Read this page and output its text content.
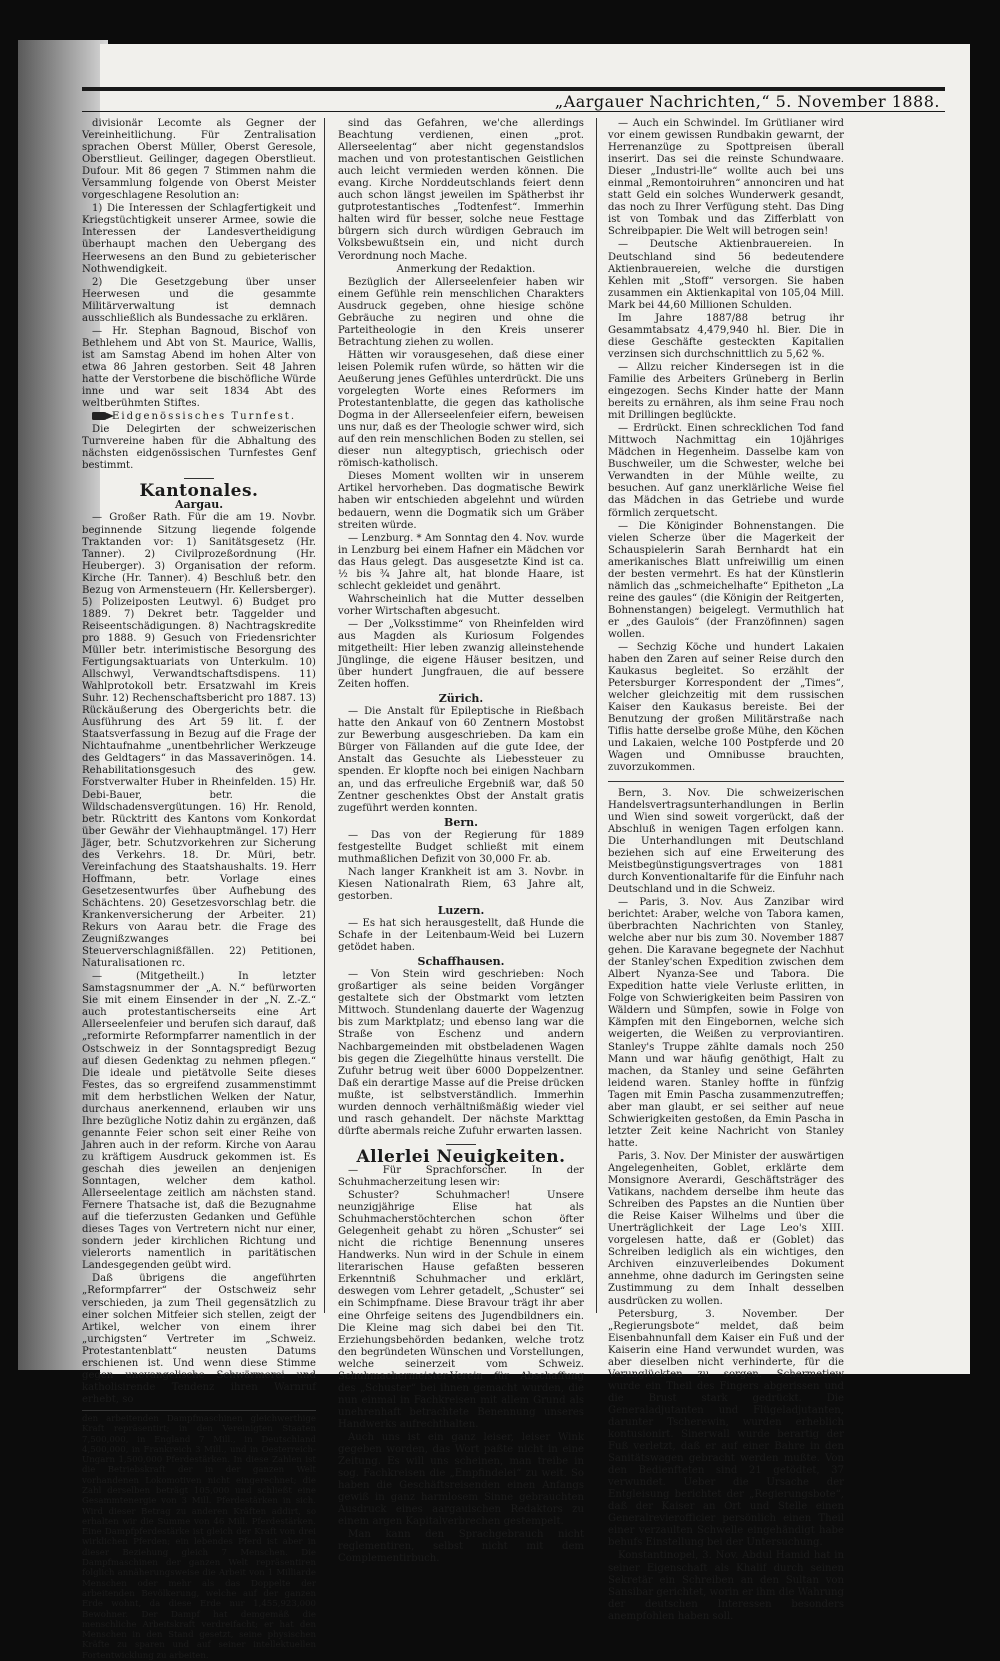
„Aargauer Nachrichten,“ 5. November 1888.

divisionär Lecomte als Gegner der Vereinheitlichung. Für Zentralisation sprachen Oberst Müller, Oberst Geresole, Oberstlieut. Geilinger, dagegen Oberstlieut. Dufour. Mit 86 gegen 7 Stimmen nahm die Versammlung folgende von Oberst Meister vorgeschlagene Resolution an:

1) Die Interessen der Schlagfertigkeit und Kriegstüchtigkeit unserer Armee, sowie die Interessen der Landesvertheidigung überhaupt machen den Uebergang des Heerwesens an den Bund zu gebieterischer Nothwendigkeit.

2) Die Gesetzgebung über unser Heerwesen und die gesammte Militärverwaltung ist demnach ausschließlich als Bundessache zu erklären.

— Hr. Stephan Bagnoud, Bischof von Bethlehem und Abt von St. Maurice, Wallis, ist am Samstag Abend im hohen Alter von etwa 86 Jahren gestorben. Seit 48 Jahren hatte der Verstorbene die bischöfliche Würde inne und war seit 1834 Abt des weltberühmten Stiftes.

Eidgenössisches Turnfest.

Die Delegirten der schweizerischen Turnvereine haben für die Abhaltung des nächsten eidgenössischen Turnfestes Genf bestimmt.

Kantonales.
Aargau.

— Großer Rath. Für die am 19. Novbr. beginnende Sitzung liegende folgende Traktanden vor: 1) Sanitätsgesetz (Hr. Tanner). 2) Civilprozeßordnung (Hr. Heuberger). 3) Organisation der reform. Kirche (Hr. Tanner). 4) Beschluß betr. den Bezug von Armensteuern (Hr. Kellersberger). 5) Polizeiposten Leutwyl. 6) Budget pro 1889. 7) Dekret betr. Taggelder und Reiseentschädigungen. 8) Nachtragskredite pro 1888. 9) Gesuch von Friedensrichter Müller betr. interimistische Besorgung des Fertigungsaktuariats von Unterkulm. 10) Allschwyl, Verwandtschaftsdispens. 11) Wahlprotokoll betr. Ersatzwahl im Kreis Suhr. 12) Rechenschaftsbericht pro 1887. 13) Rückäußerung des Obergerichts betr. die Ausführung des Art 59 lit. f. der Staatsverfassung in Bezug auf die Frage der Nichtaufnahme „unentbehrlicher Werkzeuge des Geldtagers“ in das Massaverinögen. 14. Rehabilitationsgesuch des gew. Forstverwalter Huber in Rheinfelden. 15) Hr. Debi-Bauer, betr. die Wildschadensvergütungen. 16) Hr. Renold, betr. Rücktritt des Kantons vom Konkordat über Gewähr der Viehhauptmängel. 17) Herr Jäger, betr. Schutzvorkehren zur Sicherung des Verkehrs. 18. Dr. Müri, betr. Vereinfachung des Staatshaushalts. 19. Herr Hoffmann, betr. Vorlage eines Gesetzesentwurfes über Aufhebung des Schächtens. 20) Gesetzesvorschlag betr. die Krankenversicherung der Arbeiter. 21) Rekurs von Aarau betr. die Frage des Zeugnißzwanges bei Steuerverschlagnißfällen. 22) Petitionen, Naturalisationen rc.

— (Mitgetheilt.) In letzter Samstagsnummer der „A. N.“ befürworten Sie mit einem Einsender in der „N. Z.-Z.“ auch protestantischerseits eine Art Allerseelenfeier und berufen sich darauf, daß „reformirte Reformpfarrer namentlich in der Ostschweiz in der Sonntagspredigt Bezug auf diesen Gedenktag zu nehmen pflegen.“ Die ideale und pietätvolle Seite dieses Festes, das so ergreifend zusammenstimmt mit dem herbstlichen Welken der Natur, durchaus anerkennend, erlauben wir uns Ihre bezügliche Notiz dahin zu ergänzen, daß genannte Feier schon seit einer Reihe von Jahren auch in der reform. Kirche von Aarau zu kräftigem Ausdruck gekommen ist. Es geschah dies jeweilen an denjenigen Sonntagen, welcher dem kathol. Allerseelentage zeitlich am nächsten stand. Fernere Thatsache ist, daß die Bezugnahme auf die tieferzusten Gedanken und Gefühle dieses Tages von Vertretern nicht nur einer, sondern jeder kirchlichen Richtung und vielerorts namentlich in paritätischen Landesgegenden geübt wird.

Daß übrigens die angeführten „Reformpfarrer“ der Ostschweiz sehr verschieden, ja zum Theil gegensätzlich zu einer solchen Mitfeier sich stellen, zeigt der Artikel, welcher von einem ihrer „urchigsten“ Vertreter im „Schweiz. Protestantenblatt“ neusten Datums erschienen ist. Und wenn diese Stimme gegen unevangelische Schwärmerei und katholisirende Tendenz ihren Warnruf erhebt, so

den arbeitenden Dampfmaschinen gleichwerthige Kraft repräsentirt; in den Vereinigten Staaten 7,500,000, in England 7 Mill., in Deutschland 4,500,000, in Frankreich 3 Mill., und in Oesterreich-Ungarn 1,500,000 Pferdestärken. In diese Zahlen ist die Betriebskraft der in der ganzen Welt vorhandenen Lokomotiven nicht eingerechnet; die Zahl derselben beträgt 105,000 und schließt eine Gesammtenergie von 3 Mill. Pferdestärken in sich. Wird dieser Betrag zu anderen Kräften addirt, so erhalten wir die Summe von 46 Mill. Pferdestärken. Eine Dampfpferdestärke ist gleich der Kraft von drei wirklichen Pferden; ein lebendes Pferd ist aber in dieser Beziehung gleich 7 Menschen. Die Dampfmaschinen der ganzen Welt repräsentiren folglich annäherungsweise die Arbeit von 1 Milliarde Menschen oder mehr als das Doppelte der arbeitenden Bevölkerung, welche auf der ganzen Erde wohnt, da diese Erde nur 1,455,923,000 Bewohner. Der Dampf hat demgemäß die menschliche Arbeitskraft verdreifacht; er hat den Menschen in den Stand gesetzt, seine physischen Kräfte zu sparen und auf seiner intellektuellen Fortentwicklung zu arbeiten.

sind das Gefahren, we'che allerdings Beachtung verdienen, einen „prot. Allerseelentag“ aber nicht gegenstandslos machen und von protestantischen Geistlichen auch leicht vermieden werden können. Die evang. Kirche Norddeutschlands feiert denn auch schon längst jeweilen im Spätherbst ihr gutprotestantisches „Todtenfest“. Immerhin halten wird für besser, solche neue Festtage bürgern sich durch würdigen Gebrauch im Volksbewußtsein ein, und nicht durch Verordnung noch Mache.

Anmerkung der Redaktion.

Bezüglich der Allerseelenfeier haben wir einem Gefühle rein menschlichen Charakters Ausdruck gegeben, ohne hiesige schöne Gebräuche zu negiren und ohne die Parteitheologie in den Kreis unserer Betrachtung ziehen zu wollen.

Hätten wir vorausgesehen, daß diese einer leisen Polemik rufen würde, so hätten wir die Aeußerung jenes Gefühles unterdrückt. Die uns vorgelegten Worte eines Reformers im Protestantenblatte, die gegen das katholische Dogma in der Allerseelenfeier eifern, beweisen uns nur, daß es der Theologie schwer wird, sich auf den rein menschlichen Boden zu stellen, sei dieser nun altegyptisch, griechisch oder römisch-katholisch.

Dieses Moment wollten wir in unserem Artikel hervorheben. Das dogmatische Bewirk haben wir entschieden abgelehnt und würden bedauern, wenn die Dogmatik sich um Gräber streiten würde.

— Lenzburg. * Am Sonntag den 4. Nov. wurde in Lenzburg bei einem Hafner ein Mädchen vor das Haus gelegt. Das ausgesetzte Kind ist ca. ½ bis ¾ Jahre alt, hat blonde Haare, ist schlecht gekleidet und genährt.

Wahrscheinlich hat die Mutter desselben vorher Wirtschaften abgesucht.

— Der „Volksstimme“ von Rheinfelden wird aus Magden als Kuriosum Folgendes mitgetheilt: Hier leben zwanzig alleinstehende Jünglinge, die eigene Häuser besitzen, und über hundert Jungfrauen, die auf bessere Zeiten hoffen.

Zürich.

— Die Anstalt für Epileptische in Rießbach hatte den Ankauf von 60 Zentnern Mostobst zur Bewerbung ausgeschrieben. Da kam ein Bürger von Fällanden auf die gute Idee, der Anstalt das Gesuchte als Liebessteuer zu spenden. Er klopfte noch bei einigen Nachbarn an, und das erfreuliche Ergebniß war, daß 50 Zentner geschenktes Obst der Anstalt gratis zugeführt werden konnten.

Bern.

— Das von der Regierung für 1889 festgestellte Budget schließt mit einem muthmaßlichen Defizit von 30,000 Fr. ab.

Nach langer Krankheit ist am 3. Novbr. in Kiesen Nationalrath Riem, 63 Jahre alt, gestorben.

Luzern.

— Es hat sich herausgestellt, daß Hunde die Schafe in der Leitenbaum-Weid bei Luzern getödet haben.

Schaffhausen.

— Von Stein wird geschrieben: Noch großartiger als seine beiden Vorgänger gestaltete sich der Obstmarkt vom letzten Mittwoch. Stundenlang dauerte der Wagenzug bis zum Marktplatz; und ebenso lang war die Straße von Eschenz und andern Nachbargemeinden mit obstbeladenen Wagen bis gegen die Ziegelhütte hinaus verstellt. Die Zufuhr betrug weit über 6000 Doppelzentner. Daß ein derartige Masse auf die Preise drücken mußte, ist selbstverständlich. Immerhin wurden dennoch verhältnißmäßig wieder viel und rasch gehandelt. Der nächste Markttag dürfte abermals reiche Zufuhr erwarten lassen.

Allerlei Neuigkeiten.

— Für Sprachforscher. In der Schuhmacherzeitung lesen wir:

Schuster? Schuhmacher! Unsere neunzigjährige Elise hat als Schuhmacherstöchterchen schon öfter Gelegenheit gehabt zu hören „Schuster“ sei nicht die richtige Benennung unseres Handwerks. Nun wird in der Schule in einem literarischen Hause gefaßten besseren Erkenntniß Schuhmacher und erklärt, deswegen vom Lehrer getadelt, „Schuster“ sei ein Schimpfname. Diese Bravour trägt ihr aber eine Ohrfeige seitens des Jugendbildners ein. Die Kleine mag sich dabei bei den Tit. Erziehungsbehörden bedanken, welche trotz den begründeten Wünschen und Vorstellungen, welche seinerzeit vom Schweiz. Schuhmachermeister-Verein für Abschaffung des „Schuster“ bei ihnen gemacht wurden, die nun einmal in Fachkreisen mit allem Grund als unehrenhaft betrachtete Benennung unseres Handwerks aufrechthalten.

Auch uns ist ein ganz leiser, leiser Wink gegeben worden, das Wort paßte nicht in eine Zeitung. Es will uns scheinen, man treibe in sog. Fachkreisen die „Empfindelei“ zu weit. So haben die Geschäftsreisenden einen Anfangs gewiß in ganz harmlosem Sinne gebrauchten Ausdruck eines aargauischen Redaktors zu einem argen Kapitalverbrechen gestempelt.

Man kann den Sprachgebrauch nicht reglementiren, selbst nicht mit dem Complementirbuch.

— Auch ein Schwindel. Im Grütlianer wird vor einem gewissen Rundbakin gewarnt, der Herrenanzüge zu Spottpreisen überall inserirt. Das sei die reinste Schundwaare. Dieser „Industri-lle“ wollte auch bei uns einmal „Remontoiruhren“ annonciren und hat statt Geld ein solches Wunderwerk gesandt, das noch zu Ihrer Verfügung steht. Das Ding ist von Tombak und das Zifferblatt von Schreibpapier. Die Welt will betrogen sein!

— Deutsche Aktienbrauereien. In Deutschland sind 56 bedeutendere Aktienbrauereien, welche die durstigen Kehlen mit „Stoff“ versorgen. Sie haben zusammen ein Aktienkapital von 105,04 Mill. Mark bei 44,60 Millionen Schulden.

Im Jahre 1887/88 betrug ihr Gesammtabsatz 4,479,940 hl. Bier. Die in diese Geschäfte gesteckten Kapitalien verzinsen sich durchschnittlich zu 5,62 %.

— Allzu reicher Kindersegen ist in die Familie des Arbeiters Grüneberg in Berlin eingezogen. Sechs Kinder hatte der Mann bereits zu ernähren, als ihm seine Frau noch mit Drillingen beglückte.

— Erdrückt. Einen schrecklichen Tod fand Mittwoch Nachmittag ein 10jähriges Mädchen in Hegenheim. Dasselbe kam von Buschweiler, um die Schwester, welche bei Verwandten in der Mühle weilte, zu besuchen. Auf ganz unerklärliche Weise fiel das Mädchen in das Getriebe und wurde förmlich zerquetscht.

— Die Königinder Bohnenstangen. Die vielen Scherze über die Magerkeit der Schauspielerin Sarah Bernhardt hat ein amerikanisches Blatt unfreiwillig um einen der besten vermehrt. Es hat der Künstlerin nämlich das „schmeichelhafte“ Epitheton „La reine des gaules“ (die Königin der Reitgerten, Bohnenstangen) beigelegt. Vermuthlich hat er „des Gaulois“ (der Franzöfinnen) sagen wollen.

— Sechzig Köche und hundert Lakaien haben den Zaren auf seiner Reise durch den Kaukasus begleitet. So erzählt der Petersburger Korrespondent der „Times“, welcher gleichzeitig mit dem russischen Kaiser den Kaukasus bereiste. Bei der Benutzung der großen Militärstraße nach Tiflis hatte derselbe große Mühe, den Köchen und Lakaien, welche 100 Postpferde und 20 Wagen und Omnibusse brauchten, zuvorzukommen.

Bern, 3. Nov. Die schweizerischen Handelsvertragsunterhandlungen in Berlin und Wien sind soweit vorgerückt, daß der Abschluß in wenigen Tagen erfolgen kann. Die Unterhandlungen mit Deutschland beziehen sich auf eine Erweiterung des Meistbegünstigungsvertrages von 1881 durch Konventionaltarife für die Einfuhr nach Deutschland und in die Schweiz.

— Paris, 3. Nov. Aus Zanzibar wird berichtet: Araber, welche von Tabora kamen, überbrachten Nachrichten von Stanley, welche aber nur bis zum 30. November 1887 gehen. Die Karavane begegnete der Nachhut der Stanley'schen Expedition zwischen dem Albert Nyanza-See und Tabora. Die Expedition hatte viele Verluste erlitten, in Folge von Schwierigkeiten beim Passiren von Wäldern und Sümpfen, sowie in Folge von Kämpfen mit den Eingebornen, welche sich weigerten, die Weißen zu verproviantiren. Stanley's Truppe zählte damals noch 250 Mann und war häufig genöthigt, Halt zu machen, da Stanley und seine Gefährten leidend waren. Stanley hoffte in fünfzig Tagen mit Emin Pascha zusammenzutreffen; aber man glaubt, er sei seither auf neue Schwierigkeiten gestoßen, da Emin Pascha in letzter Zeit keine Nachricht von Stanley hatte.

Paris, 3. Nov. Der Minister der auswärtigen Angelegenheiten, Goblet, erklärte dem Monsignore Averardi, Geschäftsträger des Vatikans, nachdem derselbe ihm heute das Schreiben des Papstes an die Nuntien über die Reise Kaiser Wilhelms und über die Unerträglichkeit der Lage Leo's XIII. vorgelesen hatte, daß er (Goblet) das Schreiben lediglich als ein wichtiges, den Archiven einzuverleibendes Dokument annehme, ohne dadurch im Geringsten seine Zustimmung zu dem Inhalt desselben ausdrücken zu wollen.

Petersburg, 3. November. Der „Regierungsbote“ meldet, daß beim Eisenbahnunfall dem Kaiser ein Fuß und der Kaiserin eine Hand verwundet wurden, was aber dieselben nicht verhinderte, für die Verunglückten zu sorgen. Schermetiew wurde ein Theil des Fingers abgerissen und die Brust stark gedrückt. Die Generaladjutanten und Flügeladjutanten, darunter Tscherewin, wurden erheblich kontusionirt. Sinerwall wurde berartig der Fuß verletzt, daß er auf einer Bahre in den Sanitätswagen gebracht werden mußte. Von den Bedienfteten sind 21 getödtet, 37 verwundet. Ueber die Ursache der Entgleisung berichtet der „Regierungsbote“, daß der Kaiser an Ort und Stelle einen Generalrevierofficier persönlich einen Theil einer verzaulten Schwelle eingehändigt habe behufs Einstellung bei der Untersuchung.

Konstantinopel, 3. Nov. Abdul Hamid hat in seiner Eigenschaft als Khalif durch seinen Sekretär ein Schreiben an den Sultan von Sansibar gerichtet, worin er ihm die Wahrung der deutschen Interessen besonders anempfohlen haben soll.
